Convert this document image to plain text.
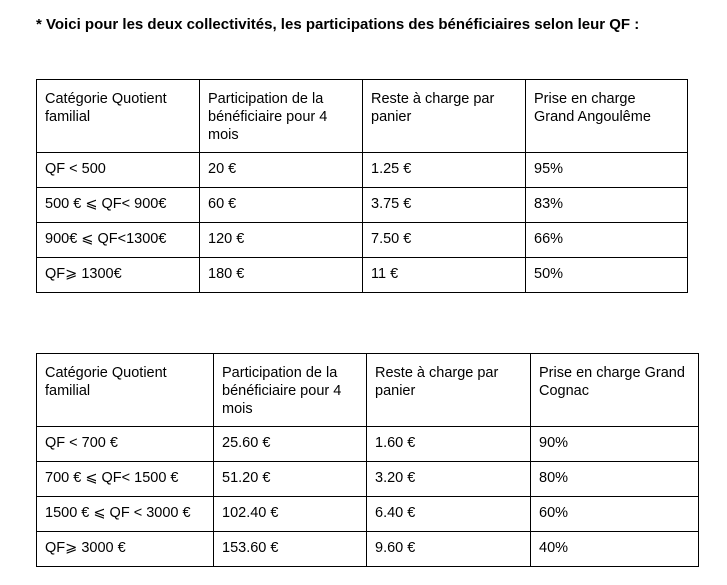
* Voici pour les deux collectivités, les participations des bénéficiaires selon leur QF :
Catégorie Quotient familial	Participation de la bénéficiaire pour 4 mois	Reste à charge par panier	Prise en charge Grand Angoulême
QF < 500	20 €	1.25 €	95%
500 € ⩽ QF< 900€	60 €	3.75 €	83%
900€ ⩽ QF<1300€	120 €	7.50 €	66%
QF⩾ 1300€	180 €	11 €	50%
Catégorie Quotient familial	Participation de la bénéficiaire pour 4 mois	Reste à charge par panier	Prise en charge Grand Cognac
QF < 700 €	25.60 €	1.60 €	90%
700 € ⩽ QF< 1500 €	51.20 €	3.20 €	80%
1500 € ⩽ QF < 3000 €	102.40 €	6.40 €	60%
QF⩾ 3000 €	153.60 €	9.60 €	40%
